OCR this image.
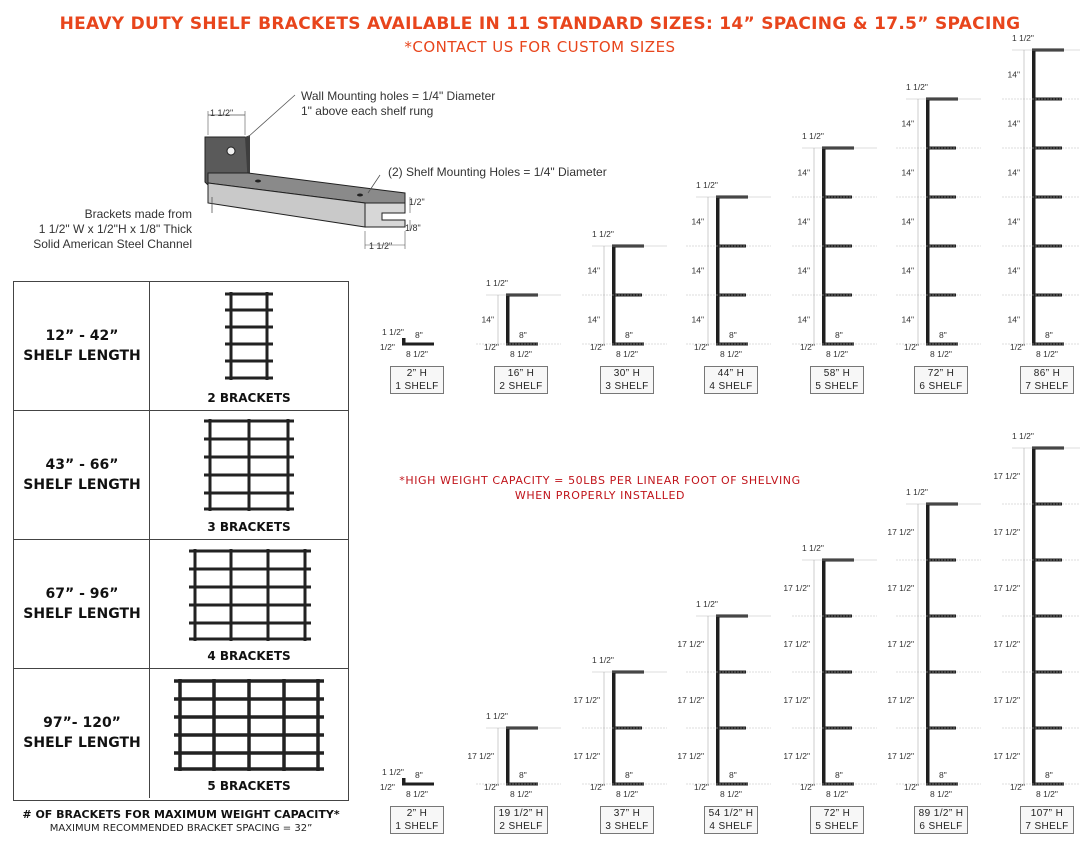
HEAVY DUTY SHELF BRACKETS AVAILABLE IN 11 STANDARD SIZES: 14” SPACING & 17.5” SPACING
*CONTACT US FOR CUSTOM SIZES
1 1/2"
1/2"
1/8"
1 1/2"
Wall Mounting holes = 1/4" Diameter
1" above each shelf rung
(2) Shelf Mounting Holes = 1/4" Diameter
Brackets made from
1 1/2" W x 1/2"H x 1/8" Thick
Solid American Steel Channel
12” - 42”
SHELF LENGTH
2 BRACKETS
43” - 66”
SHELF LENGTH
3 BRACKETS
67” - 96”
SHELF LENGTH
4 BRACKETS
97”- 120”
SHELF LENGTH
5 BRACKETS
# OF BRACKETS FOR MAXIMUM WEIGHT CAPACITY*
MAXIMUM RECOMMENDED BRACKET SPACING = 32”
*HIGH WEIGHT CAPACITY = 50LBS PER LINEAR FOOT OF SHELVING
WHEN PROPERLY INSTALLED
1 1/2"
1/2"
8 1/2"
8"
14"
1 1/2"
1/2"
8 1/2"
8"
14"
14"
1 1/2"
1/2"
8 1/2"
8"
14"
14"
14"
1 1/2"
1/2"
8 1/2"
8"
14"
14"
14"
14"
1 1/2"
1/2"
8 1/2"
8"
14"
14"
14"
14"
14"
1 1/2"
1/2"
8 1/2"
8"
14"
14"
14"
14"
14"
14"
1 1/2"
1/2"
8 1/2"
8"
1 1/2"
1/2"
8 1/2"
8"
17 1/2"
1 1/2"
1/2"
8 1/2"
8"
17 1/2"
17 1/2"
1 1/2"
1/2"
8 1/2"
8"
17 1/2"
17 1/2"
17 1/2"
1 1/2"
1/2"
8 1/2"
8"
17 1/2"
17 1/2"
17 1/2"
17 1/2"
1 1/2"
1/2"
8 1/2"
8"
17 1/2"
17 1/2"
17 1/2"
17 1/2"
17 1/2"
1 1/2"
1/2"
8 1/2"
8"
17 1/2"
17 1/2"
17 1/2"
17 1/2"
17 1/2"
17 1/2"
1 1/2"
1/2"
8 1/2"
8"
2” H
1 SHELF
16” H
2 SHELF
30” H
3 SHELF
44” H
4 SHELF
58” H
5 SHELF
72” H
6 SHELF
86” H
7 SHELF
2” H
1 SHELF
19 1/2” H
2 SHELF
37” H
3 SHELF
54 1/2” H
4 SHELF
72” H
5 SHELF
89 1/2” H
6 SHELF
107” H
7 SHELF
